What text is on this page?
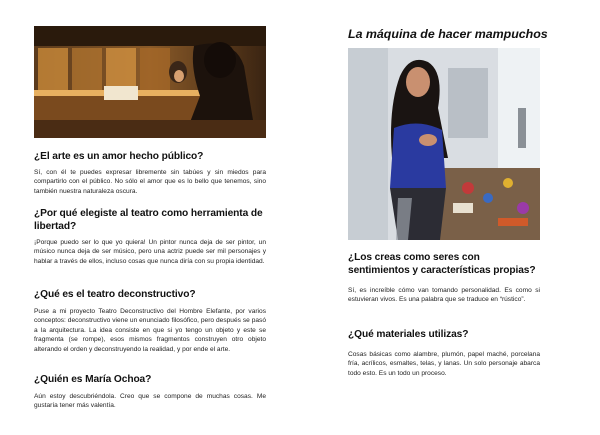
¿El arte es un amor hecho público?

Sí, con él te puedes expresar libremente sin tabúes y sin miedos para compartirlo con el público. No sólo el amor que es lo bello que tenemos, sino también nuestra naturaleza oscura.

¿Por qué elegiste al teatro como herramienta de libertad?

¡Porque puedo ser lo que yo quiera! Un pintor nunca deja de ser pintor, un músico nunca deja de ser músico, pero una actriz puede ser mil personajes y hablar a través de ellos, incluso cosas que nunca diría con su propia identidad.

¿Qué es el teatro deconstructivo?

Puse a mi proyecto Teatro Deconstructivo del Hombre Elefante, por varios conceptos: deconstructivo viene un enunciado filosófico, pero después se pasó a la arquitectura. La idea consiste en que si yo tengo un objeto y este se fragmenta (se rompe), esos mismos fragmentos construyen otro objeto alterando el orden y deconstruyendo la realidad, y por ende el arte.

¿Quién es María Ochoa?

Aún estoy descubriéndola. Creo que se compone de muchas cosas. Me gustaría tener más valentía.

La máquina de hacer mampuchos
¿Los creas como seres con sentimientos y características propias?

Sí, es increíble cómo van tomando personalidad. Es como si estuvieran vivos. Es una palabra que se traduce en “rústico”.

¿Qué materiales utilizas?

Cosas básicas como alambre, plumón, papel maché, porcelana fría, acrílicos, esmaltes, telas, y lanas. Un solo personaje abarca todo esto. Es un todo un proceso.
